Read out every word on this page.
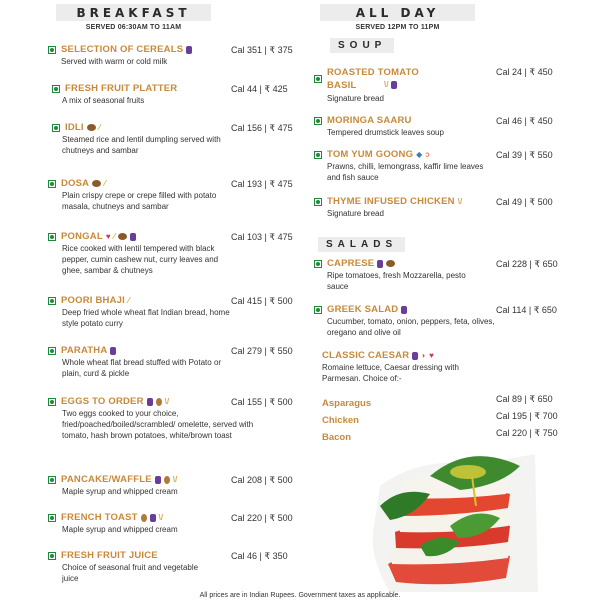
BREAKFAST
SERVED 06:30AM TO 11AM
SELECTION OF CEREALS
Served with warm or cold milk
Cal 351 | ₹ 375
FRESH FRUIT PLATTER
A mix of seasonal fruits
Cal 44 | ₹ 425
IDLI ⁄
Steamed rice and lentil dumpling served with chutneys and sambar
Cal 156 | ₹ 475
DOSA ⁄
Plain crispy crepe or crepe filled with potato masala, chutneys and sambar
Cal 193 | ₹ 475
PONGAL ♥ ⁄
Rice cooked with lentil tempered with black pepper, cumin cashew nut, curry leaves and ghee, sambar & chutneys
Cal 103 | ₹ 475
POORI BHAJI ⁄
Deep fried whole wheat flat Indian bread, home style potato curry
Cal 415 | ₹ 500
PARATHA
Whole wheat flat bread stuffed with Potato or plain, curd & pickle
Cal 279 | ₹ 550
EGGS TO ORDER	\/
Two eggs cooked to your choice, fried/poached/boiled/scrambled/ omelette, served with tomato, hash brown potatoes, white/brown toast
Cal 155 | ₹ 500
PANCAKE/WAFFLE	\/
Maple syrup and whipped cream
Cal 208 | ₹ 500
FRENCH TOAST	\/
Maple syrup and whipped cream
Cal 220 | ₹ 500
FRESH FRUIT JUICE
Choice of seasonal fruit and vegetable juice
Cal 46 | ₹ 350
ALL DAY
SERVED 12PM TO 11PM
SOUP
ROASTED TOMATO BASIL	\/
Signature bread
Cal 24 | ₹ 450
MORINGA SAARU
Tempered drumstick leaves soup
Cal 46 | ₹ 450
TOM YUM GOONG ◆ ɔ
Prawns, chilli, lemongrass, kaffir lime leaves and fish sauce
Cal 39 | ₹ 550
THYME INFUSED CHICKEN \/
Signature bread
Cal 49 | ₹ 500
SALADS
CAPRESE
Ripe tomatoes, fresh Mozzarella, pesto sauce
Cal 228 | ₹ 650
GREEK SALAD
Cucumber, tomato, onion, peppers, feta, olives, oregano and olive oil
Cal 114 | ₹ 650
CLASSIC CAESAR ◗ ♥
Romaine lettuce, Caesar dressing with Parmesan. Choice of:-
Asparagus	Cal 89 | ₹ 650
Chicken	Cal 195 | ₹ 700
Bacon	Cal 220 | ₹ 750
All prices are in Indian Rupees. Government taxes as applicable.
